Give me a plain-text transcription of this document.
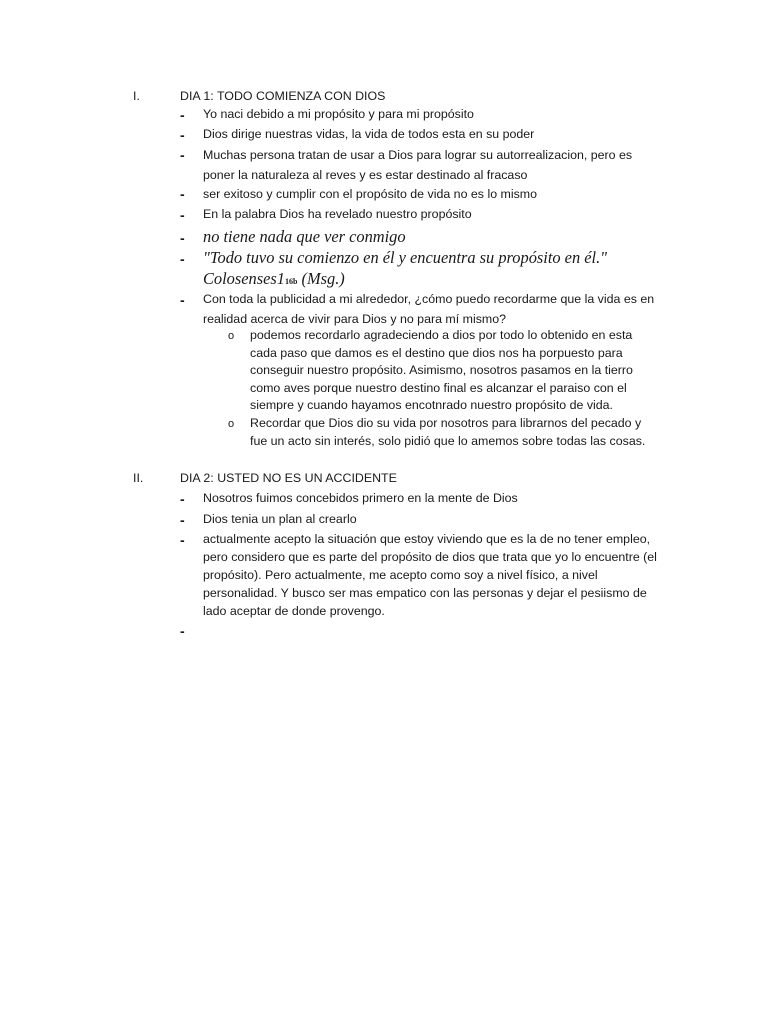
I.	DIA 1: TODO COMIENZA CON DIOS
- Yo naci debido a mi propósito y para mi propósito
- Dios dirige nuestras vidas, la vida de todos esta en su poder
- Muchas persona tratan de usar a Dios para lograr su autorrealizacion, pero es poner la naturaleza al reves y es estar destinado al fracaso
- ser exitoso y cumplir con el propósito de vida no es lo mismo
- En la palabra Dios ha revelado nuestro propósito
- no tiene nada que ver conmigo
- "Todo tuvo su comienzo en él y encuentra su propósito en él." Colosenses116b (Msg.)
- Con toda la publicidad a mi alrededor, ¿cómo puedo recordarme que la vida es en realidad acerca de vivir para Dios y no para mí mismo?
o podemos recordarlo agradeciendo a dios por todo lo obtenido en esta cada paso que damos es el destino que dios nos ha porpuesto para conseguir nuestro propósito. Asimismo, nosotros pasamos en la tierro como aves porque nuestro destino final es alcanzar el paraiso con el siempre y cuando hayamos encotnrado nuestro propósito de vida.
o Recordar que Dios dio su vida por nosotros para librarnos del pecado y fue un acto sin interés, solo pidió que lo amemos sobre todas las cosas.
II.	DIA 2: USTED NO ES UN ACCIDENTE
- Nosotros fuimos concebidos primero en la mente de Dios
- Dios tenia un plan al crearlo
- actualmente acepto la situación que estoy viviendo que es la de no tener empleo, pero considero que es parte del propósito de dios que trata que yo lo encuentre (el propósito). Pero actualmente, me acepto como soy a nivel físico, a nivel personalidad. Y busco ser mas empatico con las personas y dejar el pesiismo de lado aceptar de donde provengo.
-
